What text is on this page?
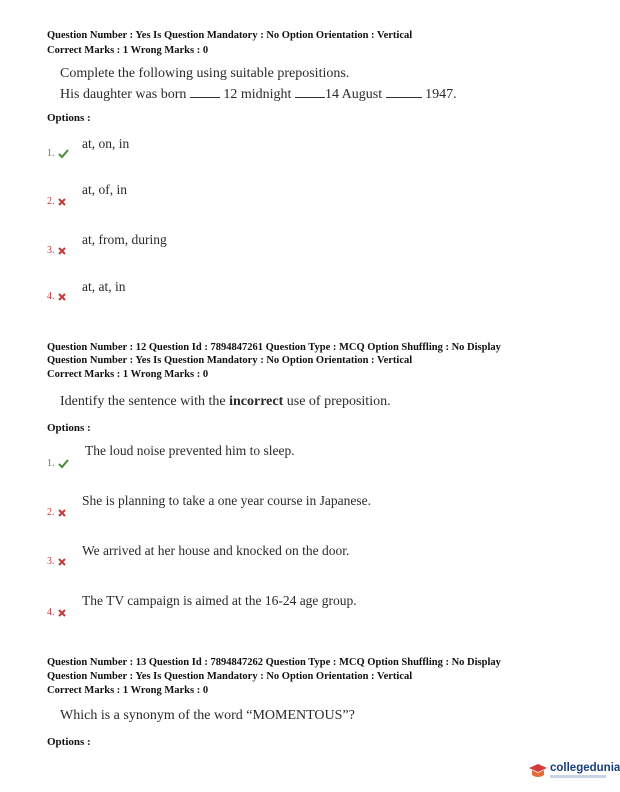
Question Number : Yes Is Question Mandatory : No Option Orientation : Vertical
Correct Marks : 1 Wrong Marks : 0
Complete the following using suitable prepositions.
His daughter was born	12 midnight 14 August	1947.
Options :
at, on, in
1.
at, of, in
2.
at, from, during
3.
at, at, in
4.
Question Number : 12 Question Id : 7894847261 Question Type : MCQ Option Shuffling : No Display
Question Number : Yes Is Question Mandatory : No Option Orientation : Vertical
Correct Marks : 1 Wrong Marks : 0
Identify the sentence with the incorrect use of preposition.
Options :
The loud noise prevented him to sleep.
1.
She is planning to take a one year course in Japanese.
2.
We arrived at her house and knocked on the door.
3.
The TV campaign is aimed at the 16-24 age group.
4.
Question Number : 13 Question Id : 7894847262 Question Type : MCQ Option Shuffling : No Display
Question Number : Yes Is Question Mandatory : No Option Orientation : Vertical
Correct Marks : 1 Wrong Marks : 0
Which is a synonym of the word “MOMENTOUS”?
Options :
collegedunia
